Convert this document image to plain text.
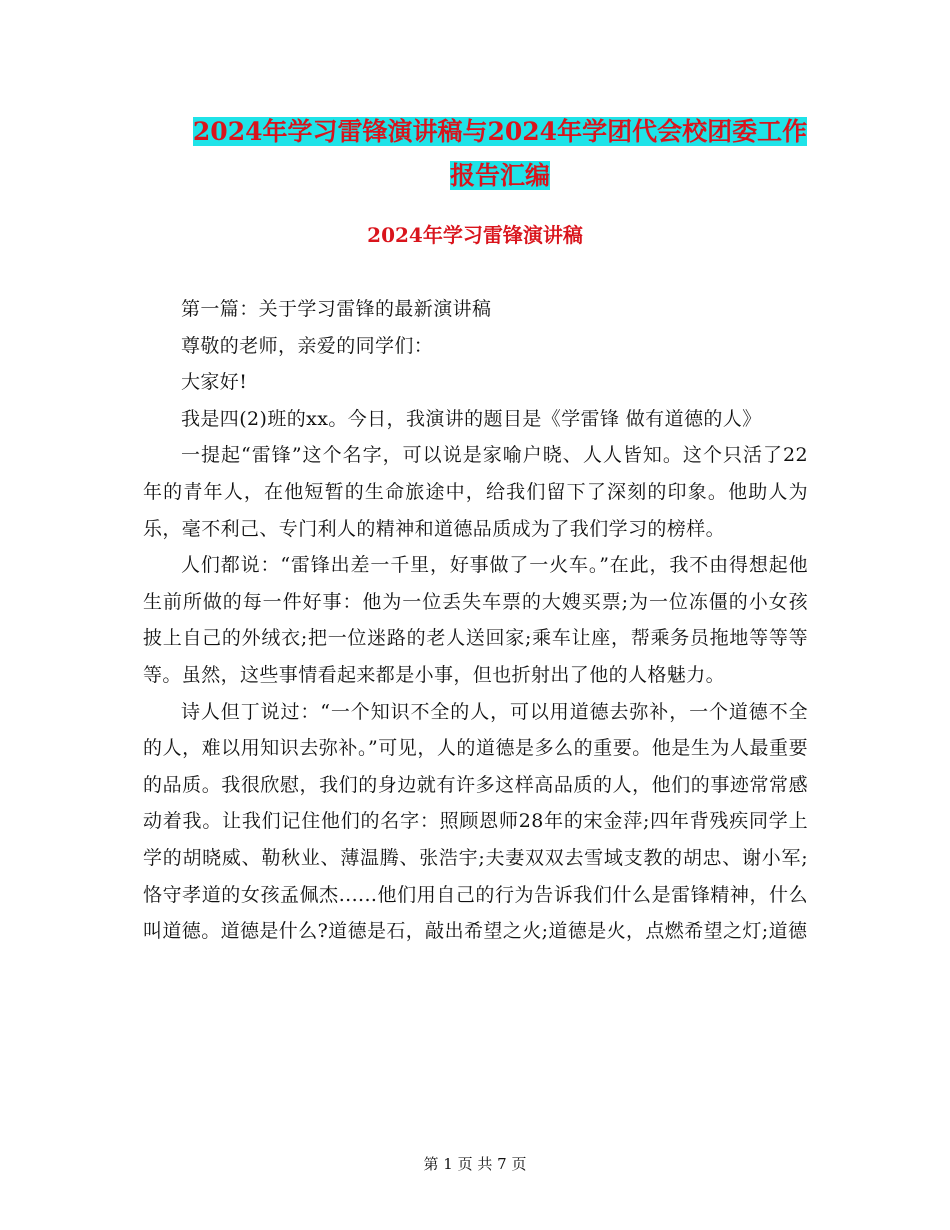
2024年学习雷锋演讲稿与2024年学团代会校团委工作
报告汇编
2024年学习雷锋演讲稿

第一篇：关于学习雷锋的最新演讲稿

尊敬的老师，亲爱的同学们：

大家好!

我是四(2)班的xx。今日，我演讲的题目是《学雷锋 做有道德的人》

一提起“雷锋”这个名字，可以说是家喻户晓、人人皆知。这个只活了22年的青年人，在他短暂的生命旅途中，给我们留下了深刻的印象。他助人为乐，毫不利己、专门利人的精神和道德品质成为了我们学习的榜样。

人们都说：“雷锋出差一千里，好事做了一火车。”在此，我不由得想起他生前所做的每一件好事：他为一位丢失车票的大嫂买票;为一位冻僵的小女孩披上自己的外绒衣;把一位迷路的老人送回家;乘车让座，帮乘务员拖地等等等等。虽然，这些事情看起来都是小事，但也折射出了他的人格魅力。

诗人但丁说过：“一个知识不全的人，可以用道德去弥补，一个道德不全的人，难以用知识去弥补。”可见，人的道德是多么的重要。他是生为人最重要的品质。我很欣慰，我们的身边就有许多这样高品质的人，他们的事迹常常感动着我。让我们记住他们的名字：照顾恩师28年的宋金萍;四年背残疾同学上学的胡晓威、勒秋业、薄温腾、张浩宇;夫妻双双去雪域支教的胡忠、谢小军;恪守孝道的女孩孟佩杰......他们用自己的行为告诉我们什么是雷锋精神，什么叫道德。道德是什么?道德是石，敲出希望之火;道德是火，点燃希望之灯;道德

第 1 页 共 7 页
